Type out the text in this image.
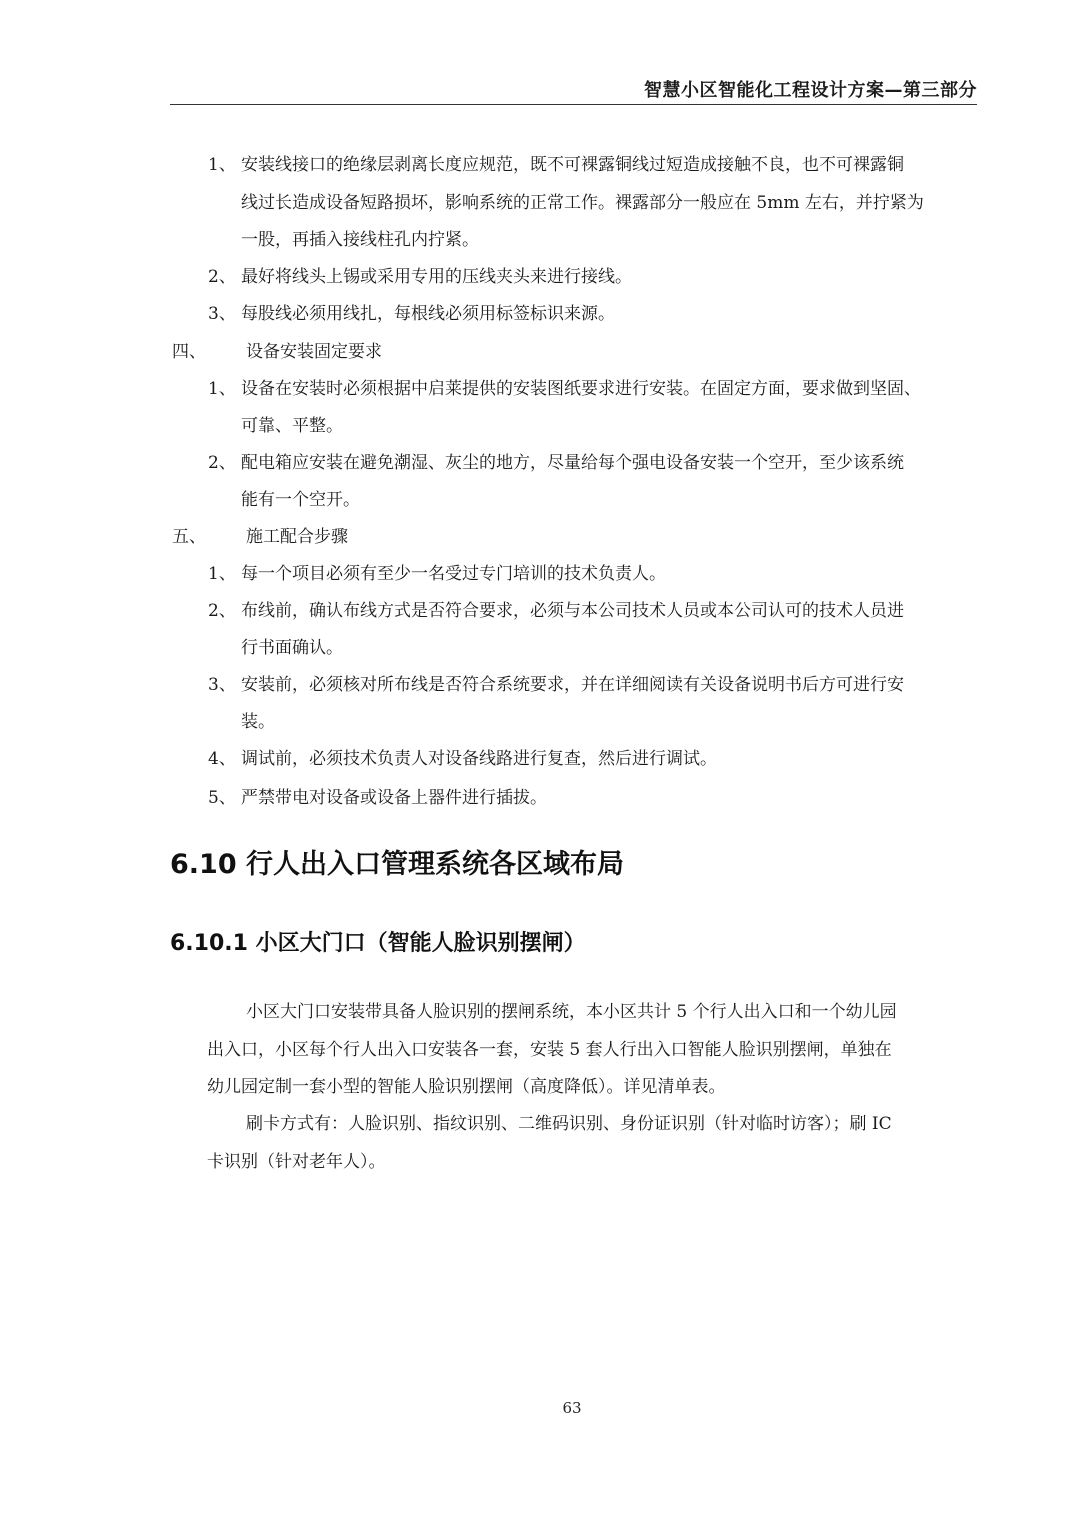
智慧小区智能化工程设计方案—第三部分
1、 安装线接口的绝缘层剥离长度应规范，既不可裸露铜线过短造成接触不良，也不可裸露铜
线过长造成设备短路损坏，影响系统的正常工作。裸露部分一般应在 5mm 左右，并拧紧为
一股，再插入接线柱孔内拧紧。
2、 最好将线头上锡或采用专用的压线夹头来进行接线。
3、 每股线必须用线扎，每根线必须用标签标识来源。
四、 设备安装固定要求
1、 设备在安装时必须根据中启莱提供的安装图纸要求进行安装。在固定方面，要求做到坚固、
可靠、平整。
2、 配电箱应安装在避免潮湿、灰尘的地方，尽量给每个强电设备安装一个空开，至少该系统
能有一个空开。
五、 施工配合步骤
1、 每一个项目必须有至少一名受过专门培训的技术负责人。
2、 布线前，确认布线方式是否符合要求，必须与本公司技术人员或本公司认可的技术人员进
行书面确认。
3、 安装前，必须核对所布线是否符合系统要求，并在详细阅读有关设备说明书后方可进行安
装。
4、 调试前，必须技术负责人对设备线路进行复查，然后进行调试。
5、 严禁带电对设备或设备上器件进行插拔。
6.10 行人出入口管理系统各区域布局
6.10.1 小区大门口（智能人脸识别摆闸）
小区大门口安装带具备人脸识别的摆闸系统，本小区共计 5 个行人出入口和一个幼儿园
出入口，小区每个行人出入口安装各一套，安装 5 套人行出入口智能人脸识别摆闸，单独在
幼儿园定制一套小型的智能人脸识别摆闸（高度降低）。详见清单表。
刷卡方式有：人脸识别、指纹识别、二维码识别、身份证识别（针对临时访客）；刷 IC
卡识别（针对老年人）。
63
